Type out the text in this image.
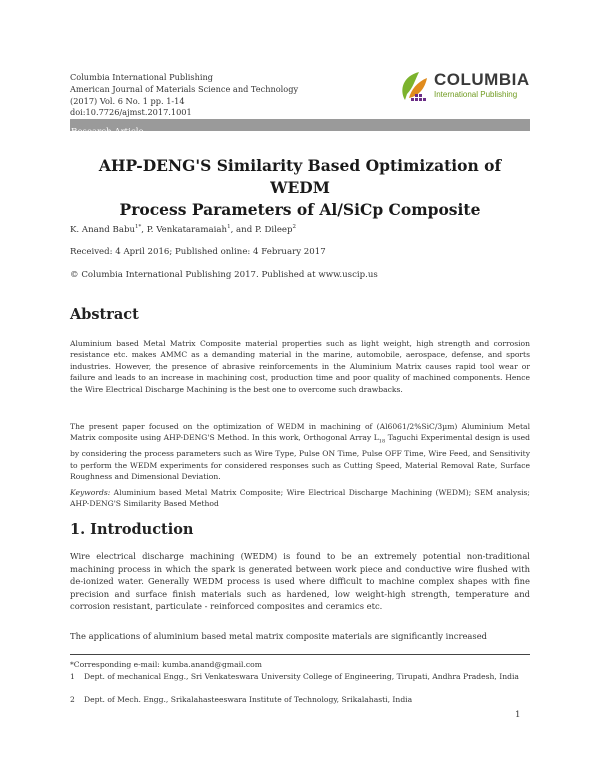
Columbia International Publishing
American Journal of Materials Science and Technology
(2017) Vol. 6 No. 1 pp. 1-14
doi:10.7726/ajmst.2017.1001
COLUMBIA
International Publishing
Research Article
AHP-DENG'S Similarity Based Optimization of WEDM
Process Parameters of Al/SiCp Composite
K. Anand Babu$^{1*}$, P. Venkataramaiah$^1$, and P. Dileep$^2$
Received: 4 April 2016; Published online: 4 February 2017
© Columbia International Publishing 2017. Published at www.uscip.us
Abstract
Aluminium based Metal Matrix Composite material properties such as light weight, high strength and corrosion resistance etc. makes AMMC as a demanding material in the marine, automobile, aerospace, defense, and sports industries. However, the presence of abrasive reinforcements in the Aluminium Matrix causes rapid tool wear or failure and leads to an increase in machining cost, production time and poor quality of machined components. Hence the Wire Electrical Discharge Machining is the best one to overcome such drawbacks.
The present paper focused on the optimization of WEDM in machining of (Al6061/2%SiC/3µm) Aluminium Metal Matrix composite using AHP-DENG'S Method. In this work, Orthogonal Array $L_{18}$ Taguchi Experimental design is used by considering the process parameters such as Wire Type, Pulse ON Time, Pulse OFF Time, Wire Feed, and Sensitivity to perform the WEDM experiments for considered responses such as Cutting Speed, Material Removal Rate, Surface Roughness and Dimensional Deviation.
Keywords: Aluminium based Metal Matrix Composite; Wire Electrical Discharge Machining (WEDM); SEM analysis; AHP-DENG'S Similarity Based Method
1. Introduction
Wire electrical discharge machining (WEDM) is found to be an extremely potential non-traditional machining process in which the spark is generated between work piece and conductive wire flushed with de-ionized water. Generally WEDM process is used where difficult to machine complex shapes with fine precision and surface finish materials such as hardened, low weight-high strength, temperature and corrosion resistant, particulate - reinforced composites and ceramics etc.
The applications of aluminium based metal matrix composite materials are significantly increased
*Corresponding e-mail: kumba.anand@gmail.com
1 Dept. of mechanical Engg., Sri Venkateswara University College of Engineering, Tirupati, Andhra Pradesh, India
2 Dept. of Mech. Engg., Srikalahasteeswara Institute of Technology, Srikalahasti, India
1
